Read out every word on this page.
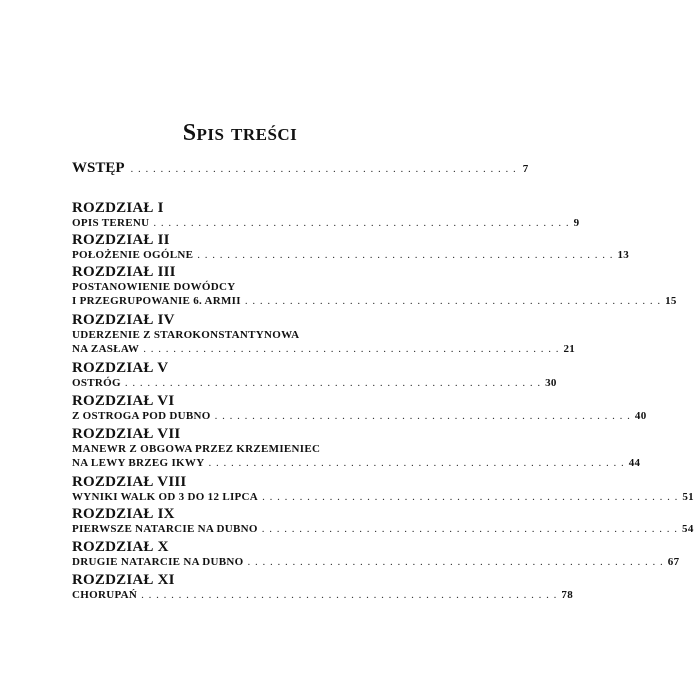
Spis treści
WSTĘP . . . . . . . . . . . . . . . . . . . . . . . . . . . . . . . . . . . . . . . . . . . . . . . . . . . . 7
ROZDZIAŁ I
OPIS TERENU . . . . . . . . . . . . . . . . . . . . . . . . . . . . . . . . . . . . . . . . . . . . . . . . . . . . . . . . 9
ROZDZIAŁ II
POŁOŻENIE OGÓLNE . . . . . . . . . . . . . . . . . . . . . . . . . . . . . . . . . . . . . . . . . . . . . . . . . . . . . . . . 13
ROZDZIAŁ III
POSTANOWIENIE DOWÓDCY
I PRZEGRUPOWANIE 6. ARMII . . . . . . . . . . . . . . . . . . . . . . . . . . . . . . . . . . . . . . . . . . . . . . . . . . . . . . . . 15
ROZDZIAŁ IV
UDERZENIE Z STAROKONSTANTYNOWA
NA ZASŁAW . . . . . . . . . . . . . . . . . . . . . . . . . . . . . . . . . . . . . . . . . . . . . . . . . . . . . . . . 21
ROZDZIAŁ V
OSTRÓG . . . . . . . . . . . . . . . . . . . . . . . . . . . . . . . . . . . . . . . . . . . . . . . . . . . . . . . . 30
ROZDZIAŁ VI
Z OSTROGA POD DUBNO . . . . . . . . . . . . . . . . . . . . . . . . . . . . . . . . . . . . . . . . . . . . . . . . . . . . . . . . 40
ROZDZIAŁ VII
MANEWR Z OBGOWA PRZEZ KRZEMIENIEC
NA LEWY BRZEG IKWY . . . . . . . . . . . . . . . . . . . . . . . . . . . . . . . . . . . . . . . . . . . . . . . . . . . . . . . . 44
ROZDZIAŁ VIII
WYNIKI WALK OD 3 DO 12 LIPCA . . . . . . . . . . . . . . . . . . . . . . . . . . . . . . . . . . . . . . . . . . . . . . . . . . . . . . . . 51
ROZDZIAŁ IX
PIERWSZE NATARCIE NA DUBNO . . . . . . . . . . . . . . . . . . . . . . . . . . . . . . . . . . . . . . . . . . . . . . . . . . . . . . . . 54
ROZDZIAŁ X
DRUGIE NATARCIE NA DUBNO . . . . . . . . . . . . . . . . . . . . . . . . . . . . . . . . . . . . . . . . . . . . . . . . . . . . . . . . 67
ROZDZIAŁ XI
CHORUPAŃ . . . . . . . . . . . . . . . . . . . . . . . . . . . . . . . . . . . . . . . . . . . . . . . . . . . . . . . . 78
